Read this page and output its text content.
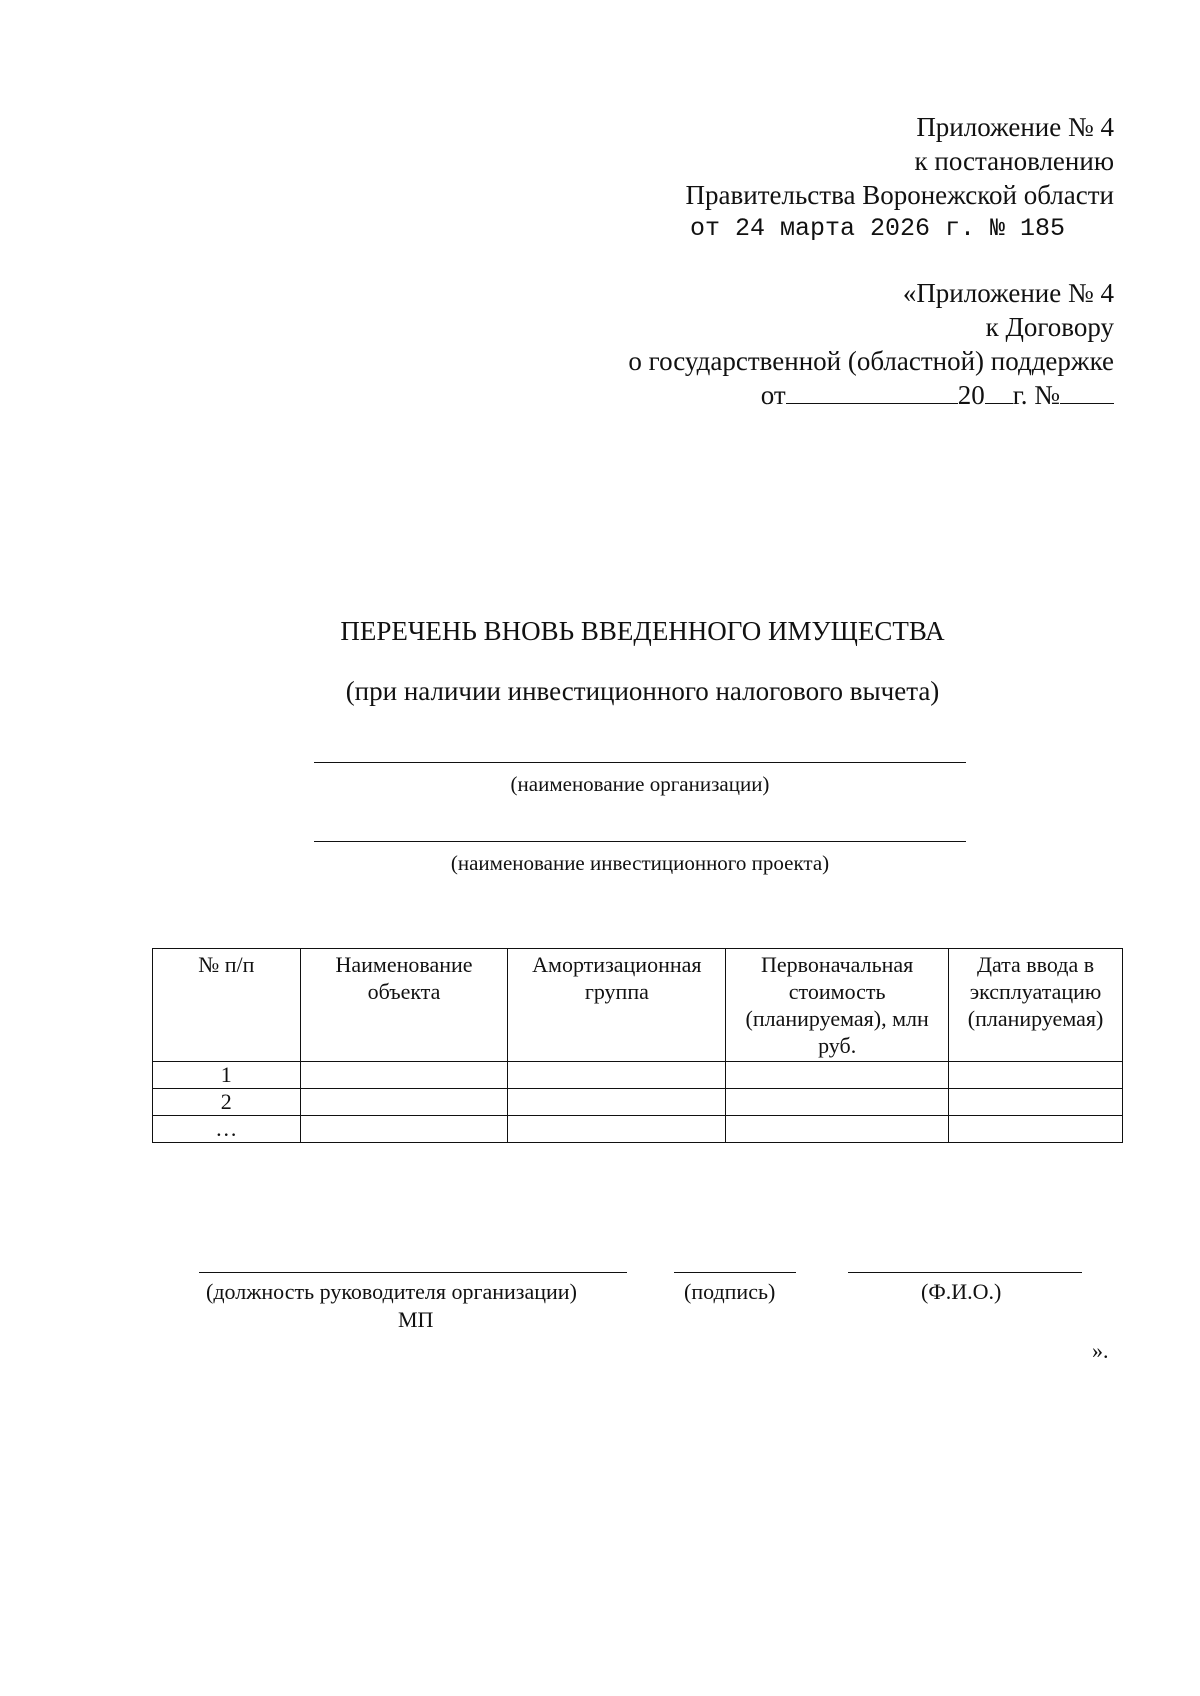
Приложение № 4
к постановлению
Правительства Воронежской области
от 24 марта 2026 г. № 185
«Приложение № 4
к Договору
о государственной (областной) поддержке
от	20 г. №
ПЕРЕЧЕНЬ ВНОВЬ ВВЕДЕННОГО ИМУЩЕСТВА
(при наличии инвестиционного налогового вычета)
(наименование организации)
(наименование инвестиционного проекта)
№ п/п	Наименование объекта	Амортизационная группа	Первоначальная стоимость (планируемая), млн руб.	Дата ввода в эксплуатацию (планируемая)
1				
2				
…				
(должность руководителя организации)
МП
(подпись)	(Ф.И.О.)
».
